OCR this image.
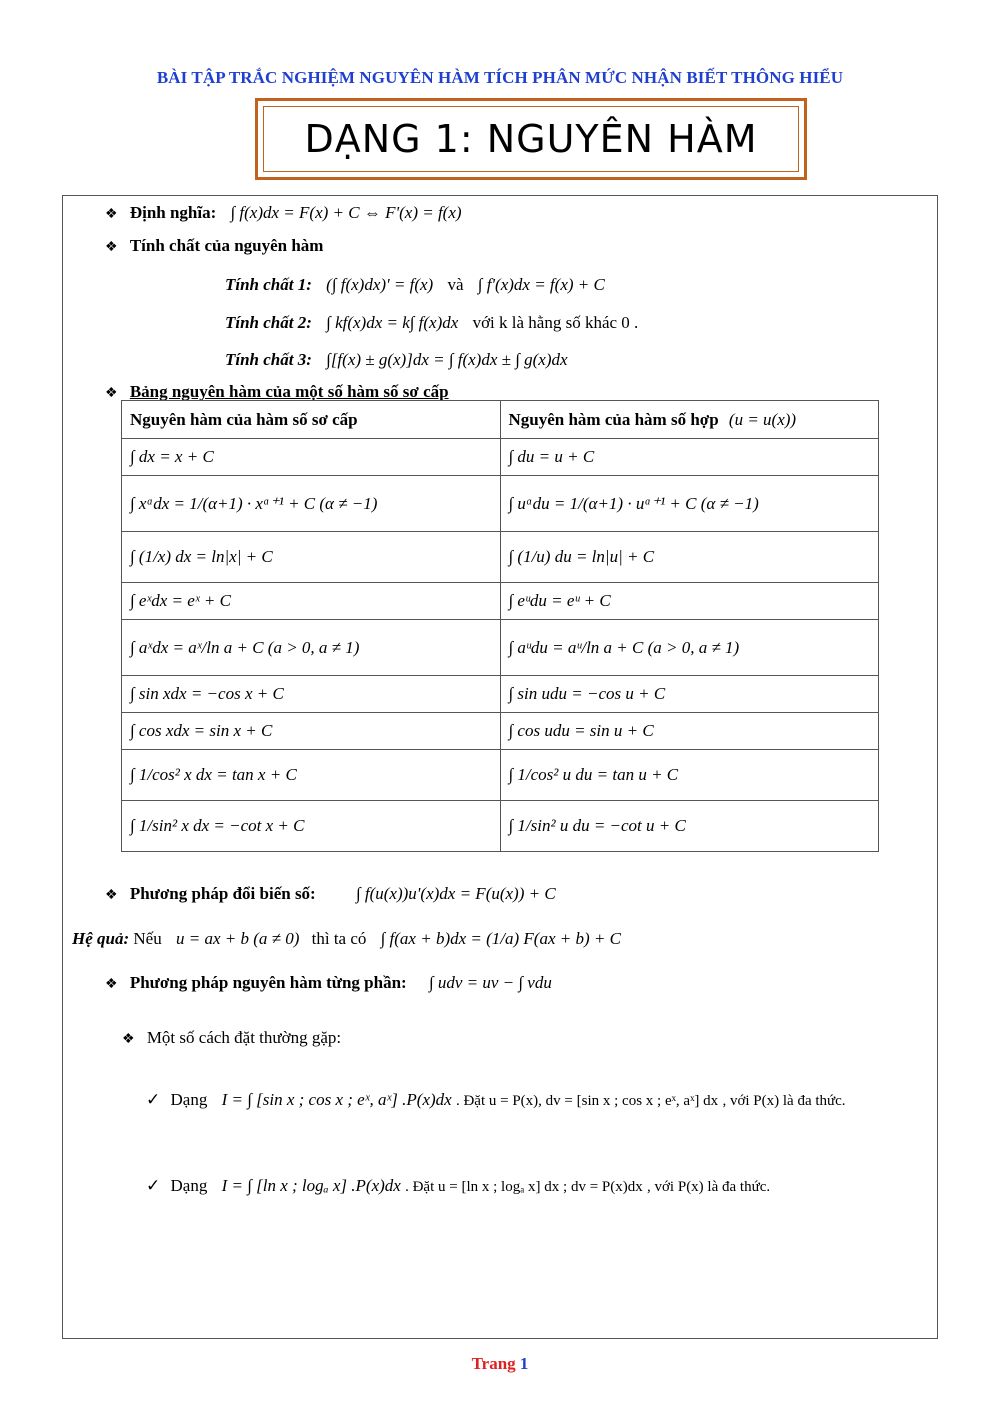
BÀI TẬP TRẮC NGHIỆM NGUYÊN HÀM TÍCH PHÂN MỨC NHẬN BIẾT THÔNG HIỂU
DẠNG 1: NGUYÊN HÀM
❖ Định nghĩa: ∫ f(x)dx = F(x) + C ⇔ F'(x) = f(x)
❖ Tính chất của nguyên hàm
Tính chất 1: (∫ f(x)dx)' = f(x) và ∫ f'(x)dx = f(x) + C
Tính chất 2: ∫ kf(x)dx = k∫ f(x)dx với k là hằng số khác 0 .
Tính chất 3: ∫[f(x) ± g(x)]dx = ∫ f(x)dx ± ∫ g(x)dx
❖ Bảng nguyên hàm của một số hàm số sơ cấp
Nguyên hàm của hàm số sơ cấp	Nguyên hàm của hàm số hợp (u = u(x))
∫ dx = x + C	∫ du = u + C
∫ xᵅdx = 1/(α+1) · xᵅ⁺¹ + C (α ≠ −1)	∫ uᵅdu = 1/(α+1) · uᵅ⁺¹ + C (α ≠ −1)
∫ (1/x) dx = ln|x| + C	∫ (1/u) du = ln|u| + C
∫ eˣdx = eˣ + C	∫ eᵘdu = eᵘ + C
∫ aˣdx = aˣ/ln a + C (a > 0, a ≠ 1)	∫ aᵘdu = aᵘ/ln a + C (a > 0, a ≠ 1)
∫ sin xdx = −cos x + C	∫ sin udu = −cos u + C
∫ cos xdx = sin x + C	∫ cos udu = sin u + C
∫ 1/cos² x dx = tan x + C	∫ 1/cos² u du = tan u + C
∫ 1/sin² x dx = −cot x + C	∫ 1/sin² u du = −cot u + C
❖ Phương pháp đổi biến số: ∫ f(u(x))u'(x)dx = F(u(x)) + C
Hệ quả: Nếu u = ax + b (a ≠ 0) thì ta có ∫ f(ax + b)dx = (1/a) F(ax + b) + C
❖ Phương pháp nguyên hàm từng phần: ∫ udv = uv − ∫ vdu
❖ Một số cách đặt thường gặp:
✓ Dạng I = ∫ [sin x ; cos x ; eˣ, aˣ] .P(x)dx . Đặt u = P(x), dv = [sin x ; cos x ; eˣ, aˣ] dx , với P(x) là đa thức.
✓ Dạng I = ∫ [ln x ; logₐ x] .P(x)dx . Đặt u = [ln x ; logₐ x] dx ; dv = P(x)dx , với P(x) là đa thức.
Trang 1
